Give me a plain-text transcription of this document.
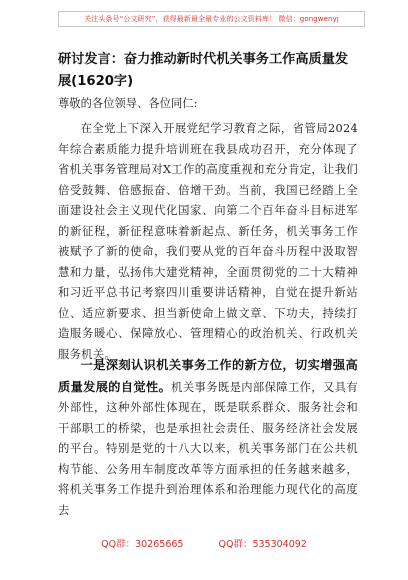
关注头条号“公文研究”，获得最新最全最专业的公文资料库！ 微信：gongwenyj
研讨发言：奋力推动新时代机关事务工作高质量发展(1620字)
尊敬的各位领导、各位同仁:
在全党上下深入开展党纪学习教育之际，省管局2024年综合素质能力提升培训班在我县成功召开，充分体现了省机关事务管理局对X工作的高度重视和充分肯定，让我们倍受鼓舞、倍感振奋、倍增干劲。当前，我国已经踏上全面建设社会主义现代化国家、向第二个百年奋斗目标进军的新征程，新征程意味着新起点、新任务，机关事务工作被赋予了新的使命，我们要从党的百年奋斗历程中汲取智慧和力量，弘扬伟大建党精神，全面贯彻党的二十大精神和习近平总书记考察四川重要讲话精神，自觉在提升新站位、适应新要求、担当新使命上做文章、下功夫，持续打造服务暖心、保障放心、管理精心的政治机关、行政机关服务机关。
一是深刻认识机关事务工作的新方位，切实增强高质量发展的自觉性。机关事务既是内部保障工作，又具有外部性，这种外部性体现在，既是联系群众、服务社会和干部职工的桥梁，也是承担社会责任、服务经济社会发展的平台。特别是党的十八大以来，机关事务部门在公共机构节能、公务用车制度改革等方面承担的任务越来越多，将机关事务工作提升到治理体系和治理能力现代化的高度去
QQ群：30265665	QQ群：535304092
